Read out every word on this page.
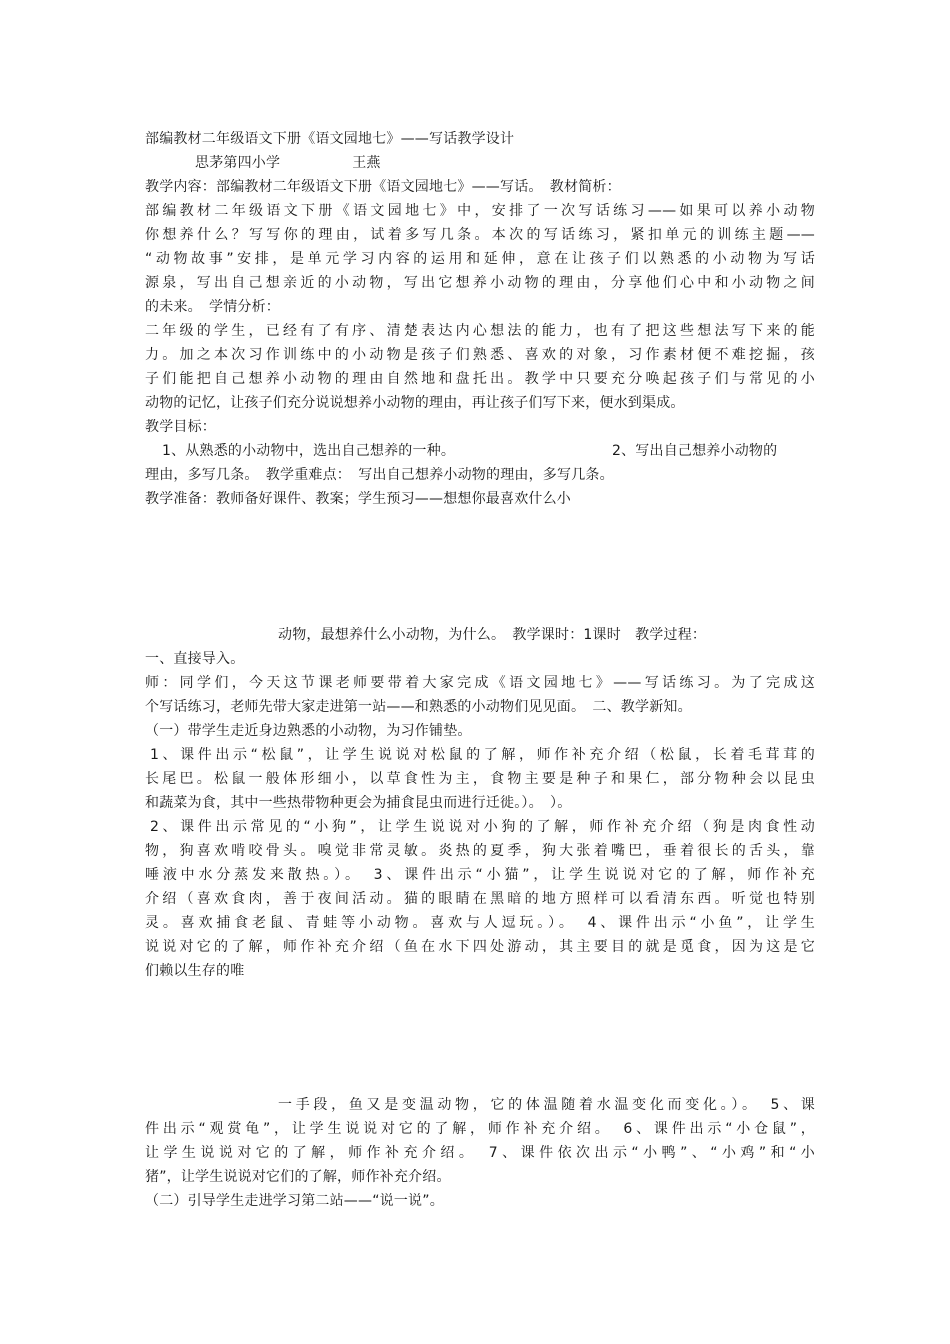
部编教材二年级语文下册《语文园地七》——写话教学设计
思茅第四小学	王燕
教学内容：部编教材二年级语文下册《语文园地七》——写话。　教材简析：
部编教材二年级语文下册《语文园地七》中，安排了一次写话练习——如果可以养小动物
你想养什么？写写你的理由，试着多写几条。本次的写话练习，紧扣单元的训练主题——
“动物故事”安排，是单元学习内容的运用和延伸，意在让孩子们以熟悉的小动物为写话
源泉，写出自己想亲近的小动物，写出它想养小动物的理由，分享他们心中和小动物之间
的未来。　学情分析：
二年级的学生，已经有了有序、清楚表达内心想法的能力，也有了把这些想法写下来的能
力。加之本次习作训练中的小动物是孩子们熟悉、喜欢的对象，习作素材便不难挖掘，孩
子们能把自己想养小动物的理由自然地和盘托出。教学中只要充分唤起孩子们与常见的小
动物的记忆，让孩子们充分说说想养小动物的理由，再让孩子们写下来，便水到渠成。
教学目标：
1、从熟悉的小动物中，选出自己想养的一种。	2、写出自己想养小动物的
理由，多写几条。　教学重难点：　写出自己想养小动物的理由，多写几条。
教学准备：教师备好课件、教案；学生预习——想想你最喜欢什么小
动物，最想养什么小动物，为什么。　教学课时：1课时　教学过程：
一、直接导入。
师：同学们，今天这节课老师要带着大家完成《语文园地七》——写话练习。为了完成这
个写话练习，老师先带大家走进第一站——和熟悉的小动物们见见面。　二、教学新知。
（一）带学生走近身边熟悉的小动物，为习作铺垫。
1、课件出示“松鼠”，让学生说说对松鼠的了解，师作补充介绍（松鼠，长着毛茸茸的
长尾巴。松鼠一般体形细小，以草食性为主，食物主要是种子和果仁，部分物种会以昆虫
和蔬菜为食，其中一些热带物种更会为捕食昆虫而进行迁徙。）。　）。
2、课件出示常见的“小狗”，让学生说说对小狗的了解，师作补充介绍（狗是肉食性动
物，狗喜欢啃咬骨头。嗅觉非常灵敏。炎热的夏季，狗大张着嘴巴，垂着很长的舌头，靠
唾液中水分蒸发来散热。）。　3、课件出示“小猫”，让学生说说对它的了解，师作补充
介绍（喜欢食肉，善于夜间活动。猫的眼睛在黑暗的地方照样可以看清东西。听觉也特别
灵。喜欢捕食老鼠、青蛙等小动物。喜欢与人逗玩。）。　4、课件出示“小鱼”，让学生
说说对它的了解，师作补充介绍（鱼在水下四处游动，其主要目的就是觅食，因为这是它
们赖以生存的唯
一手段，鱼又是变温动物，它的体温随着水温变化而变化。）。　5、课
件出示“观赏龟”，让学生说说对它的了解，师作补充介绍。　6、课件出示“小仓鼠”，
让学生说说对它的了解，师作补充介绍。　7、课件依次出示“小鸭”、“小鸡”和“小
猪”，让学生说说对它们的了解，师作补充介绍。
（二）引导学生走进学习第二站——“说一说”。
